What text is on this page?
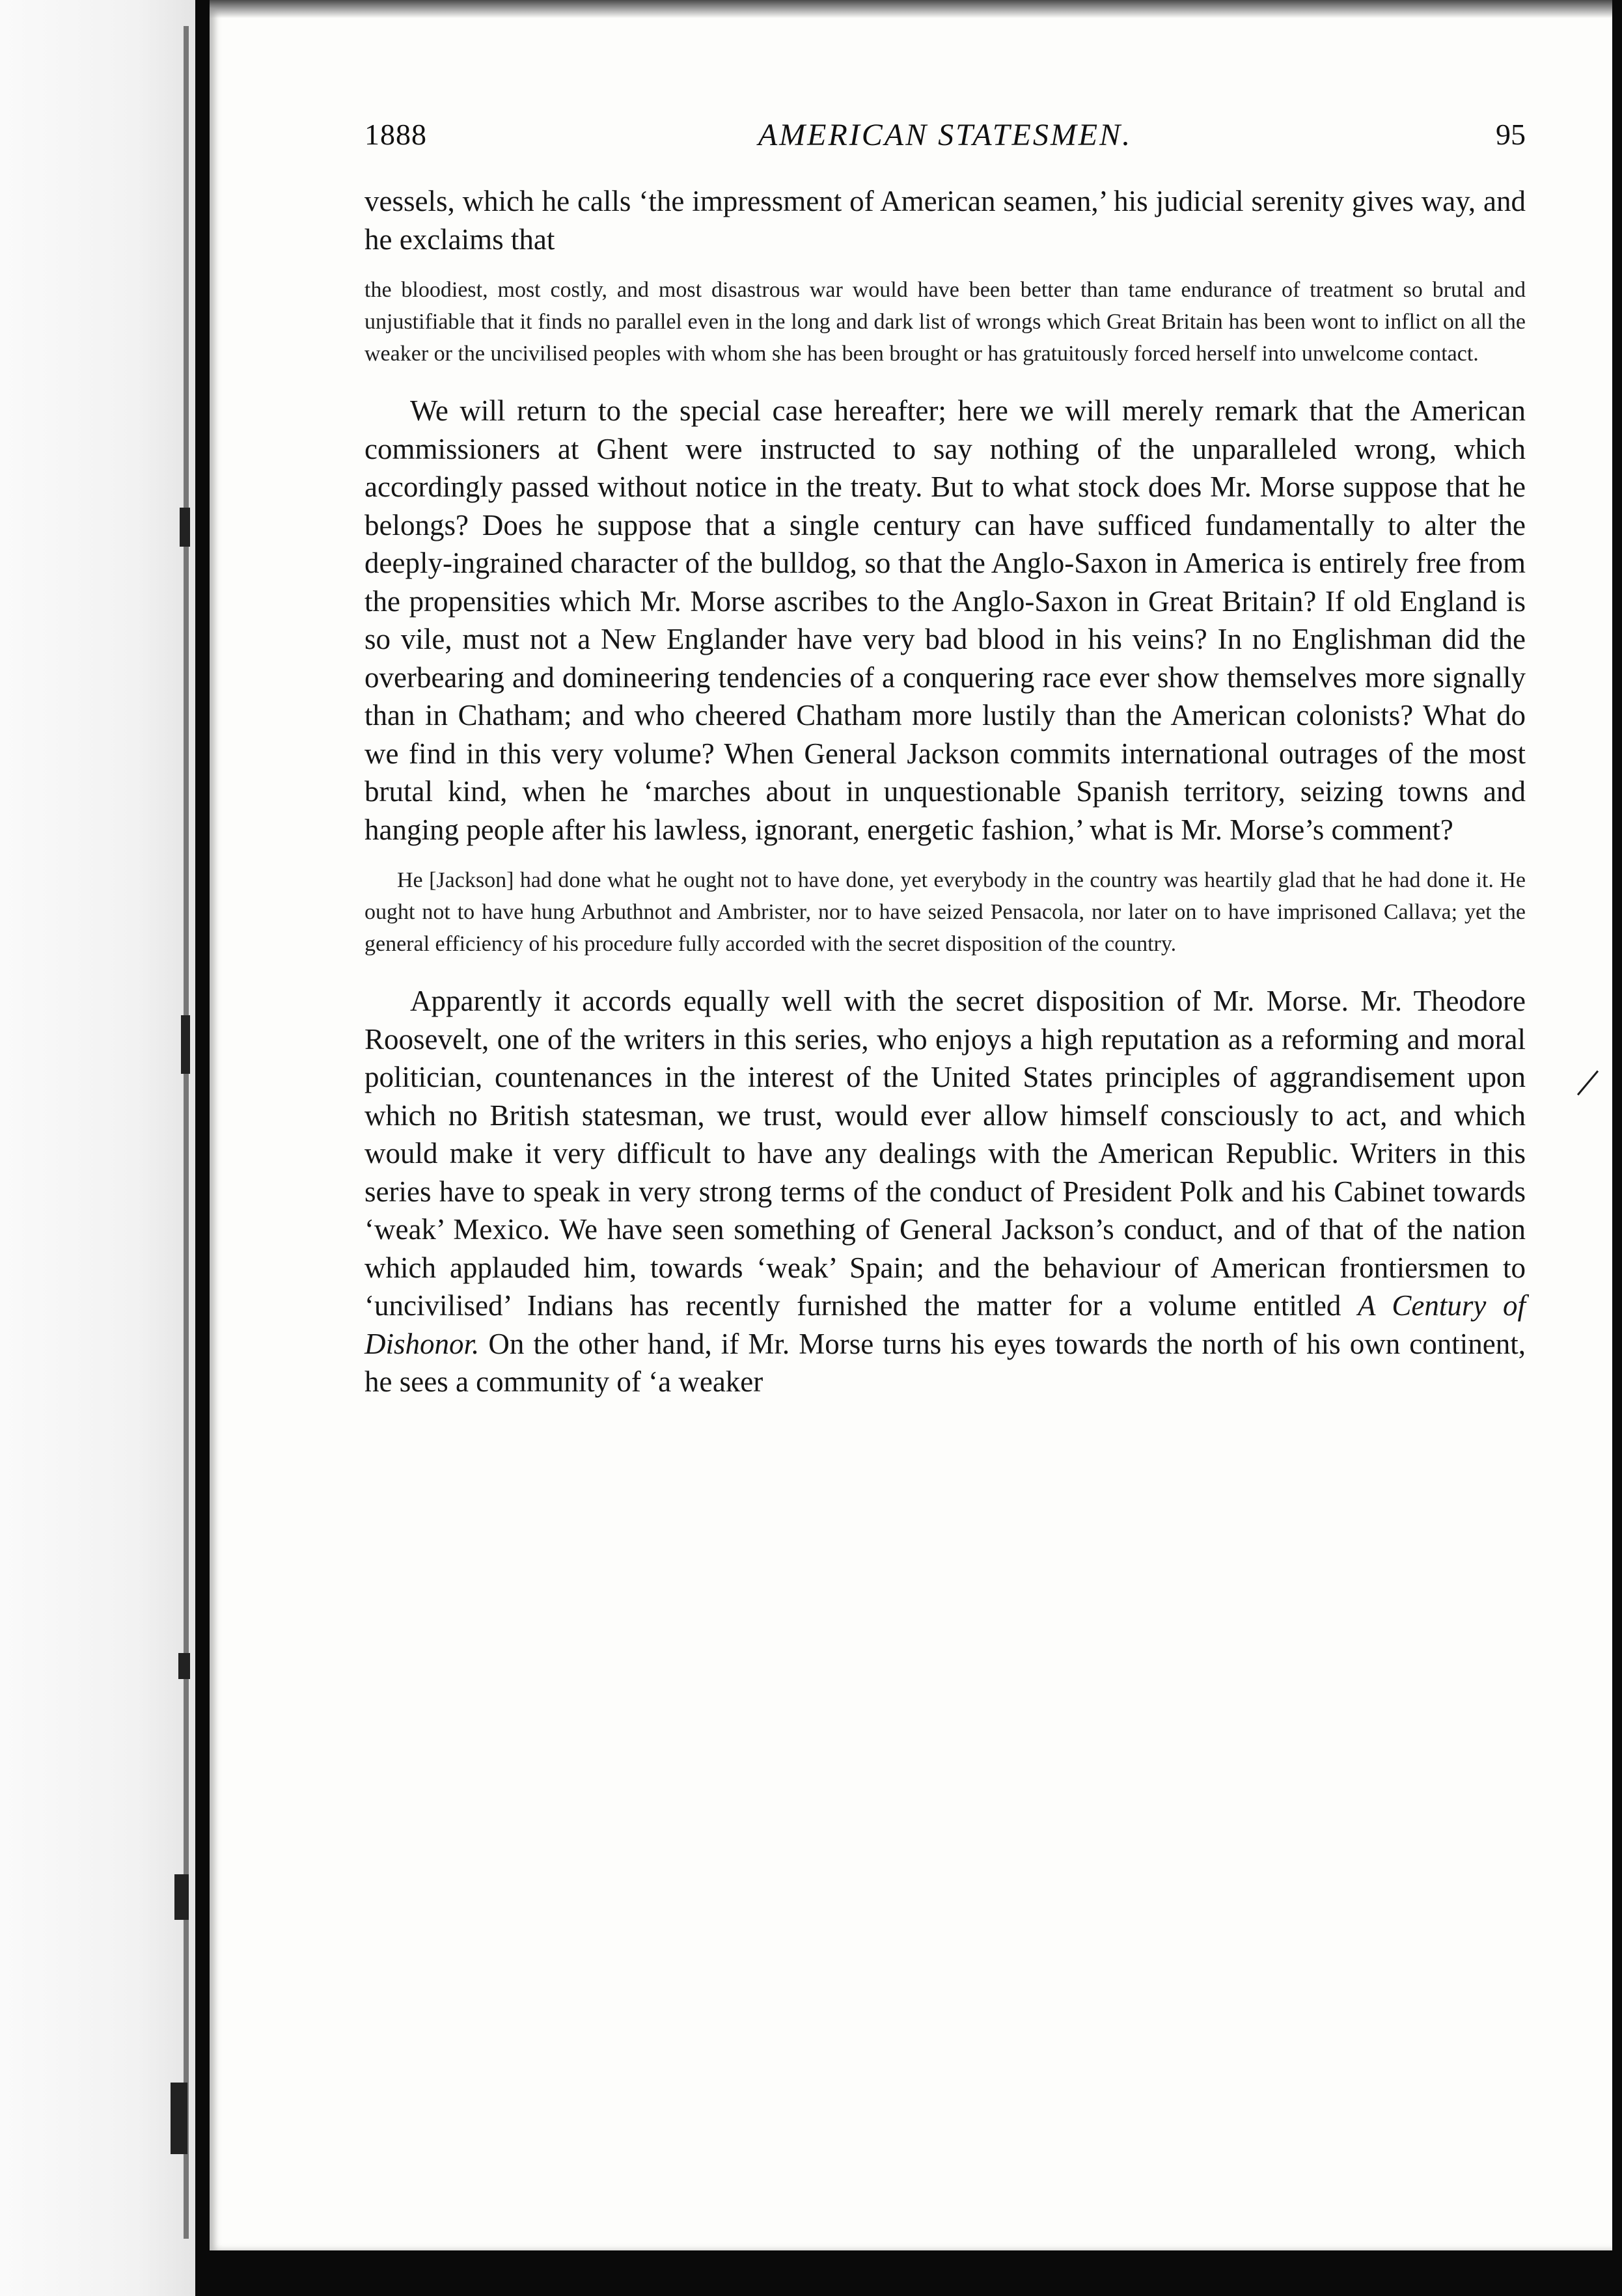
1888	AMERICAN STATESMEN.	95

vessels, which he calls ‘the impressment of American seamen,’ his judicial serenity gives way, and he exclaims that

the bloodiest, most costly, and most disastrous war would have been better than tame endurance of treatment so brutal and unjustifiable that it finds no parallel even in the long and dark list of wrongs which Great Britain has been wont to inflict on all the weaker or the uncivilised peoples with whom she has been brought or has gratuitously forced herself into unwelcome contact.

We will return to the special case hereafter; here we will merely remark that the American commissioners at Ghent were instructed to say nothing of the unparalleled wrong, which accordingly passed without notice in the treaty. But to what stock does Mr. Morse suppose that he belongs? Does he suppose that a single century can have sufficed fundamentally to alter the deeply-ingrained character of the bulldog, so that the Anglo-Saxon in America is entirely free from the propensities which Mr. Morse ascribes to the Anglo-Saxon in Great Britain? If old England is so vile, must not a New Englander have very bad blood in his veins? In no Englishman did the overbearing and domineering tendencies of a conquering race ever show themselves more signally than in Chatham; and who cheered Chatham more lustily than the American colonists? What do we find in this very volume? When General Jackson commits international outrages of the most brutal kind, when he ‘marches about in unquestionable Spanish territory, seizing towns and hanging people after his lawless, ignorant, energetic fashion,’ what is Mr. Morse’s comment?

He [Jackson] had done what he ought not to have done, yet everybody in the country was heartily glad that he had done it. He ought not to have hung Arbuthnot and Ambrister, nor to have seized Pensacola, nor later on to have imprisoned Callava; yet the general efficiency of his procedure fully accorded with the secret disposition of the country.

Apparently it accords equally well with the secret disposition of Mr. Morse. Mr. Theodore Roosevelt, one of the writers in this series, who enjoys a high reputation as a reforming and moral politician, countenances in the interest of the United States principles of aggrandisement upon which no British statesman, we trust, would ever allow himself consciously to act, and which would make it very difficult to have any dealings with the American Republic. Writers in this series have to speak in very strong terms of the conduct of President Polk and his Cabinet towards ‘weak’ Mexico. We have seen something of General Jackson’s conduct, and of that of the nation which applauded him, towards ‘weak’ Spain; and the behaviour of American frontiersmen to ‘uncivilised’ Indians has recently furnished the matter for a volume entitled A Century of Dishonor. On the other hand, if Mr. Morse turns his eyes towards the north of his own continent, he sees a community of ‘a weaker
